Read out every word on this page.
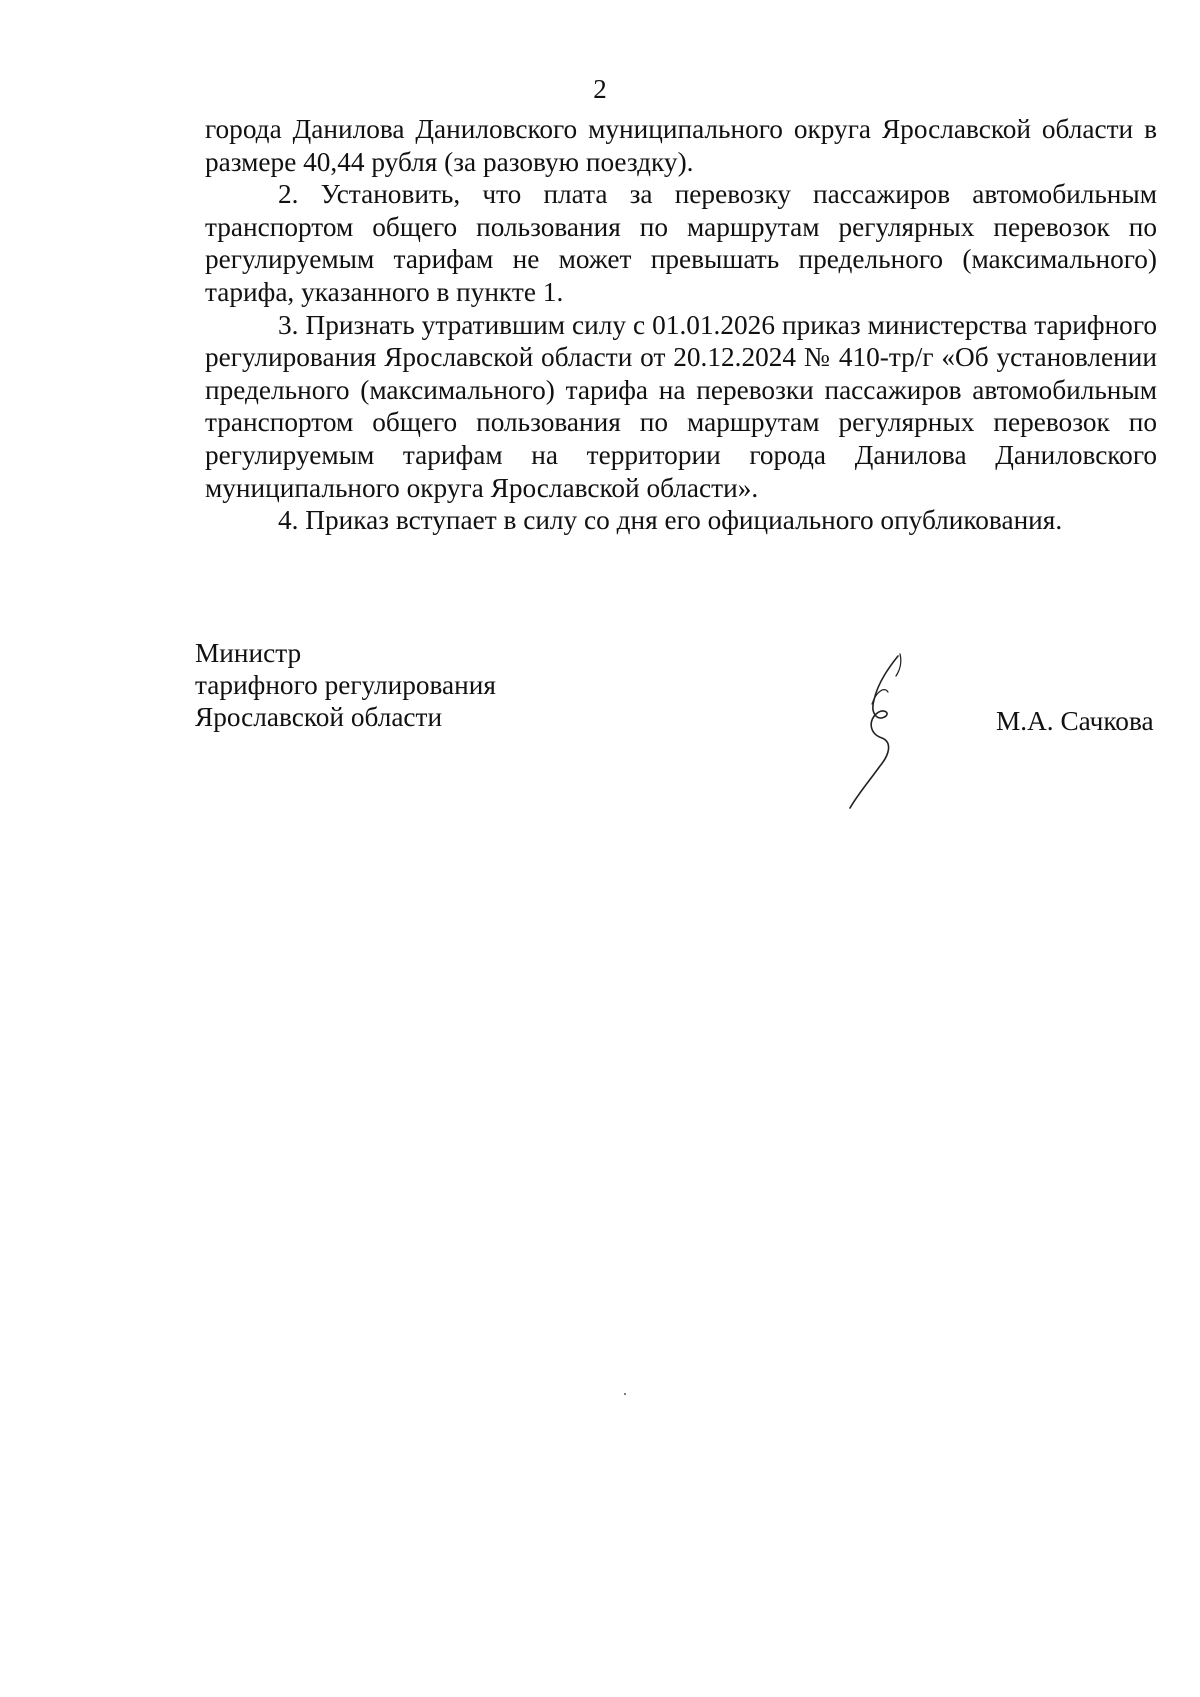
2

города Данилова Даниловского муниципального округа Ярославской области в размере 40,44 рубля (за разовую поездку).

2. Установить, что плата за перевозку пассажиров автомобильным транспортом общего пользования по маршрутам регулярных перевозок по регулируемым тарифам не может превышать предельного (максимального) тарифа, указанного в пункте 1.

3. Признать утратившим силу с 01.01.2026 приказ министерства тарифного регулирования Ярославской области от 20.12.2024 № 410-тр/г «Об установлении предельного (максимального) тарифа на перевозки пассажиров автомобильным транспортом общего пользования по маршрутам регулярных перевозок по регулируемым тарифам на территории города Данилова Даниловского муниципального округа Ярославской области».

4. Приказ вступает в силу со дня его официального опубликования.

Министр
тарифного регулирования
Ярославской области	М.А. Сачкова
